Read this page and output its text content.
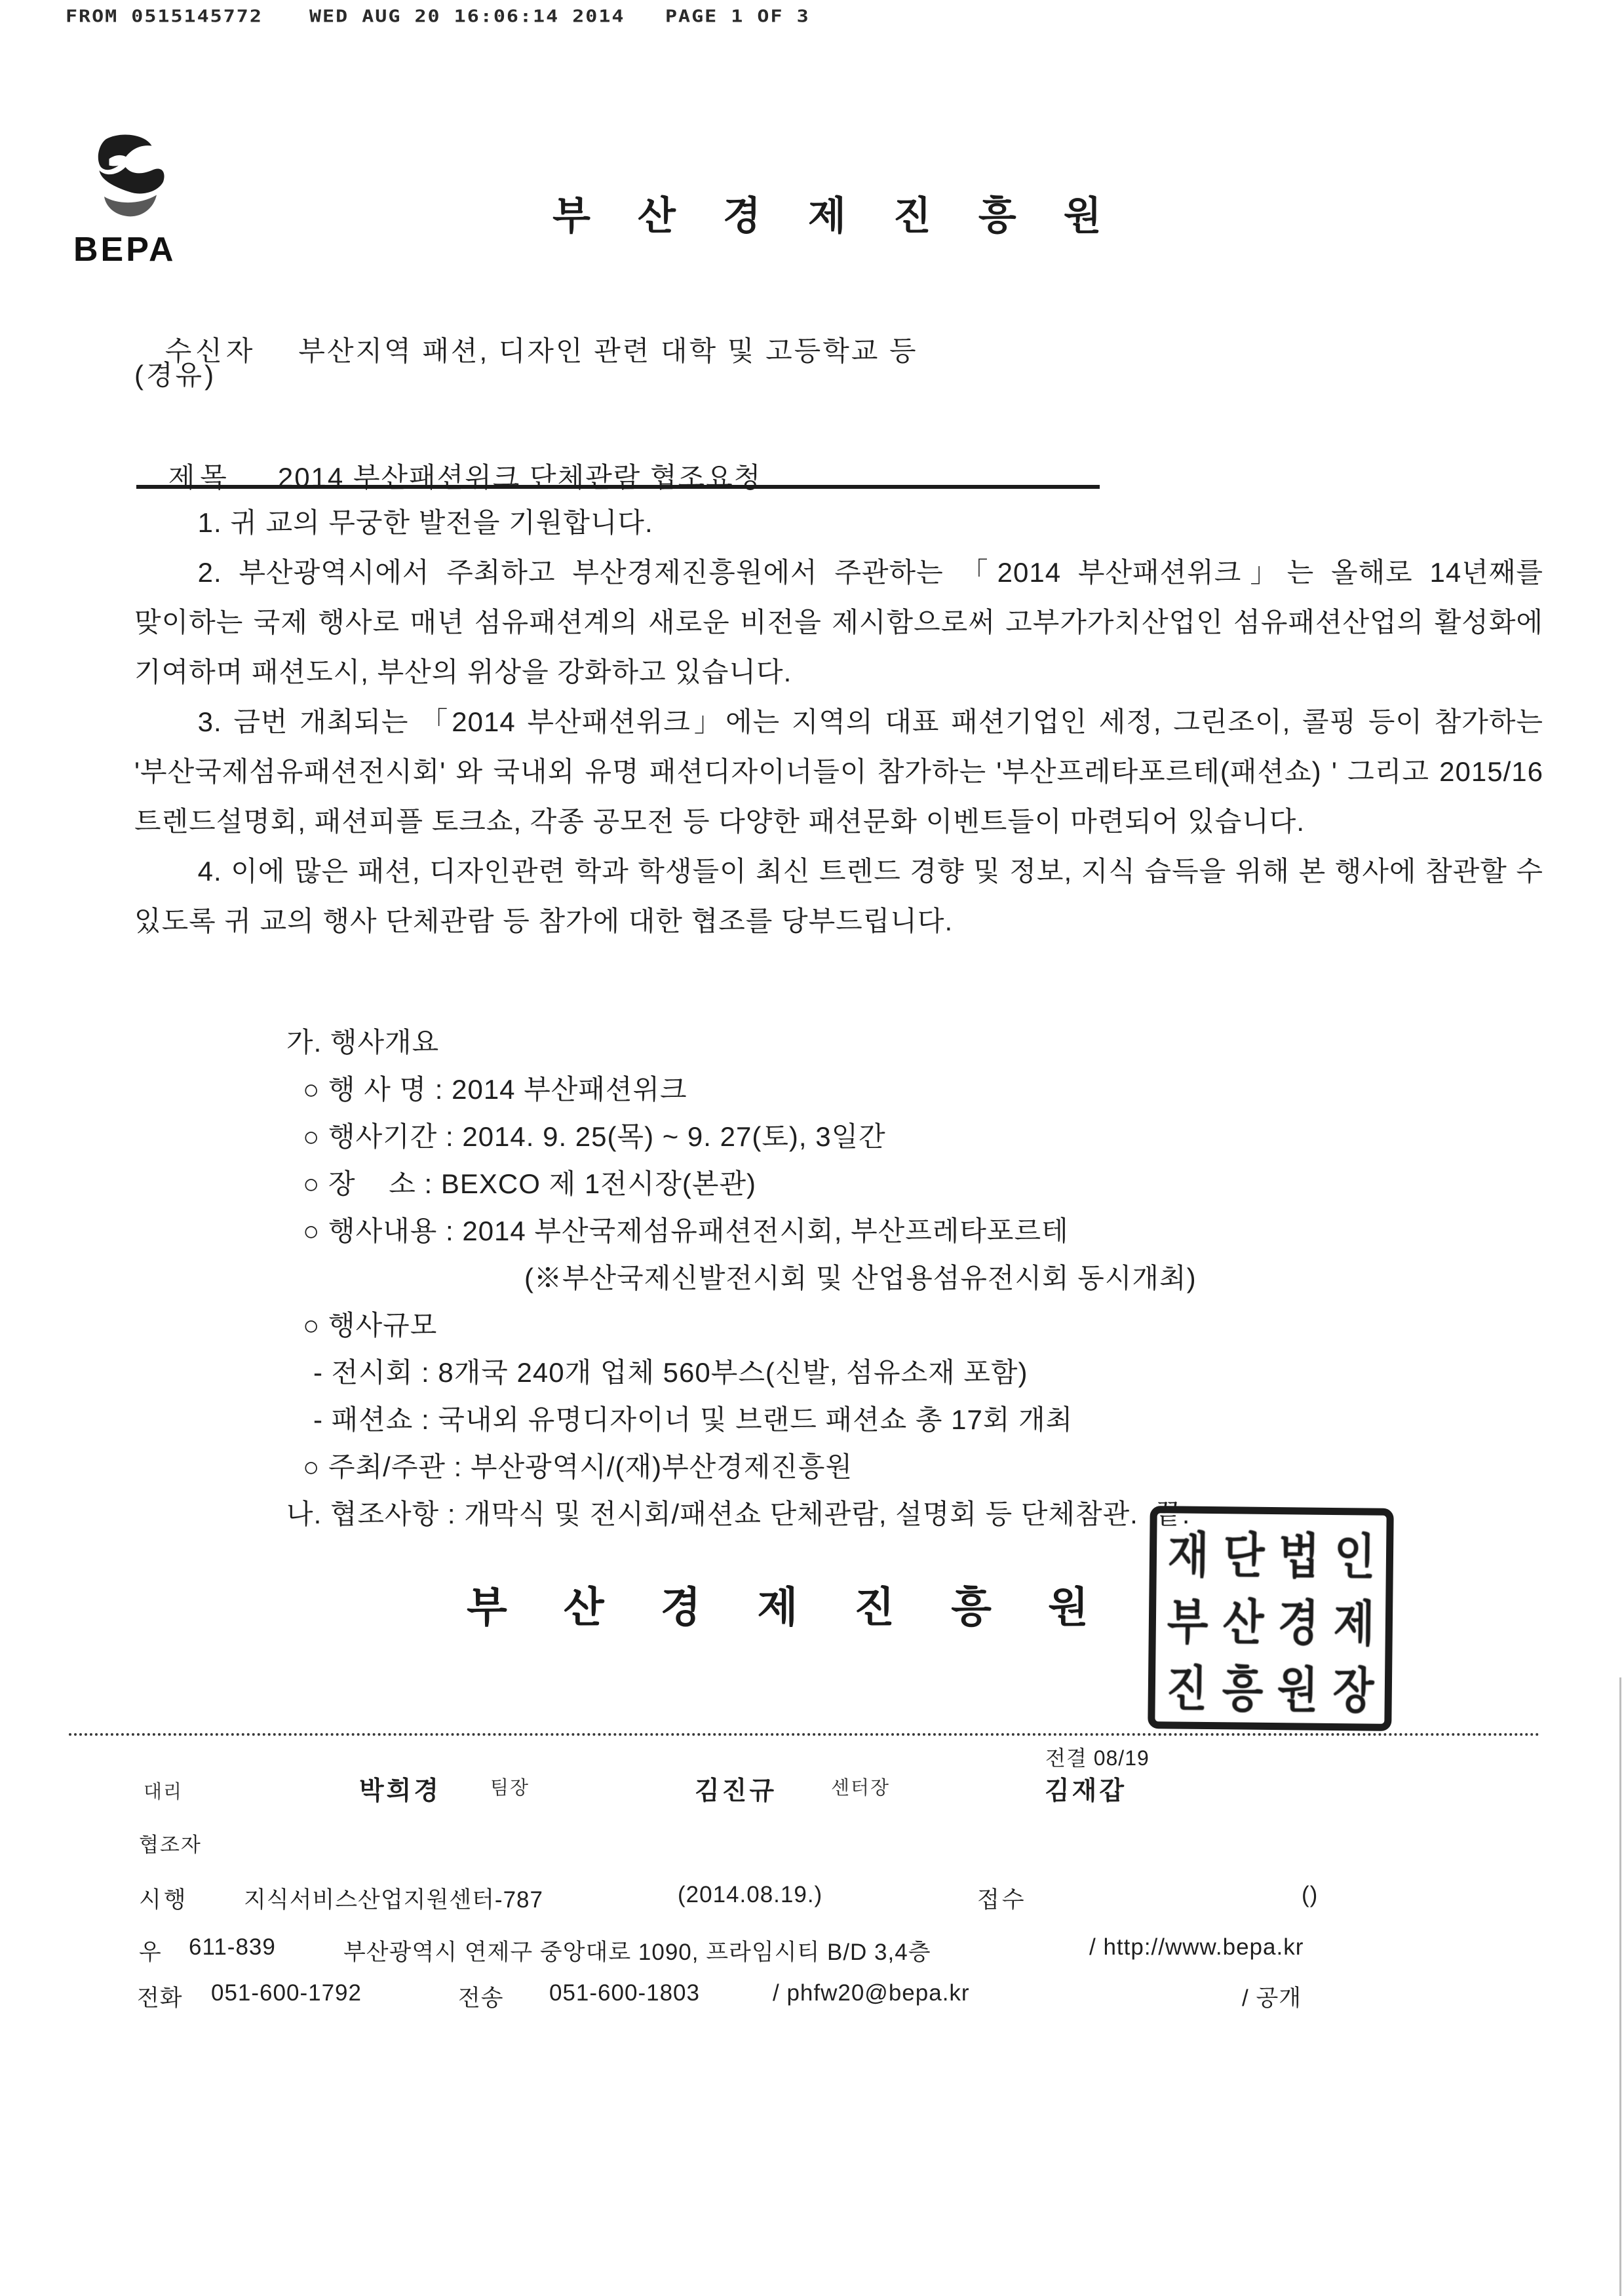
FROM 0515145772 WED AUG 20 16:06:14 2014 PAGE 1 OF 3
BEPA
부산경제진흥원

수신자 부산지역 패션, 디자인 관련 대학 및 고등학교 등

(경유)

제목 2014 부산패션위크 단체관람 협조요청

1. 귀 교의 무궁한 발전을 기원합니다.

2. 부산광역시에서 주최하고 부산경제진흥원에서 주관하는 「2014 부산패션위크」는 올해로 14년째를 맞이하는 국제 행사로 매년 섬유패션계의 새로운 비전을 제시함으로써 고부가가치산업인 섬유패션산업의 활성화에 기여하며 패션도시, 부산의 위상을 강화하고 있습니다.

3. 금번 개최되는 「2014 부산패션위크」에는 지역의 대표 패션기업인 세정, 그린조이, 콜핑 등이 참가하는 '부산국제섬유패션전시회' 와 국내외 유명 패션디자이너들이 참가하는 '부산프레타포르테(패션쇼) ' 그리고 2015/16 트렌드설명회, 패션피플 토크쇼, 각종 공모전 등 다양한 패션문화 이벤트들이 마련되어 있습니다.

4. 이에 많은 패션, 디자인관련 학과 학생들이 최신 트렌드 경향 및 정보, 지식 습득을 위해 본 행사에 참관할 수 있도록 귀 교의 행사 단체관람 등 참가에 대한 협조를 당부드립니다.

가. 행사개요
○ 행 사 명 : 2014 부산패션위크
○ 행사기간 : 2014. 9. 25(목) ~ 9. 27(토), 3일간
○ 장    소 : BEXCO 제 1전시장(본관)
○ 행사내용 : 2014 부산국제섬유패션전시회, 부산프레타포르테
(※부산국제신발전시회 및 산업용섬유전시회 동시개최)
○ 행사규모
- 전시회 : 8개국 240개 업체 560부스(신발, 섬유소재 포함)
- 패션쇼 : 국내외 유명디자이너 및 브랜드 패션쇼 총 17회 개최
○ 주최/주관 : 부산광역시/(재)부산경제진흥원
나. 협조사항 : 개막식 및 전시회/패션쇼 단체관람, 설명회 등 단체참관.  끝.
부산경제진흥원
재 단 법 인
부 산 경 제
진 흥 원 장
전결 08/19
대리	박희경	팀장	김진규	센터장	김재갑
협조자
시행 지식서비스산업지원센터-787	(2014.08.19.)	접수	()
우 611-839	부산광역시 연제구 중앙대로 1090, 프라임시티 B/D 3,4층	/ http://www.bepa.kr
전화 051-600-1792	전송 051-600-1803	/ phfw20@bepa.kr	/ 공개
